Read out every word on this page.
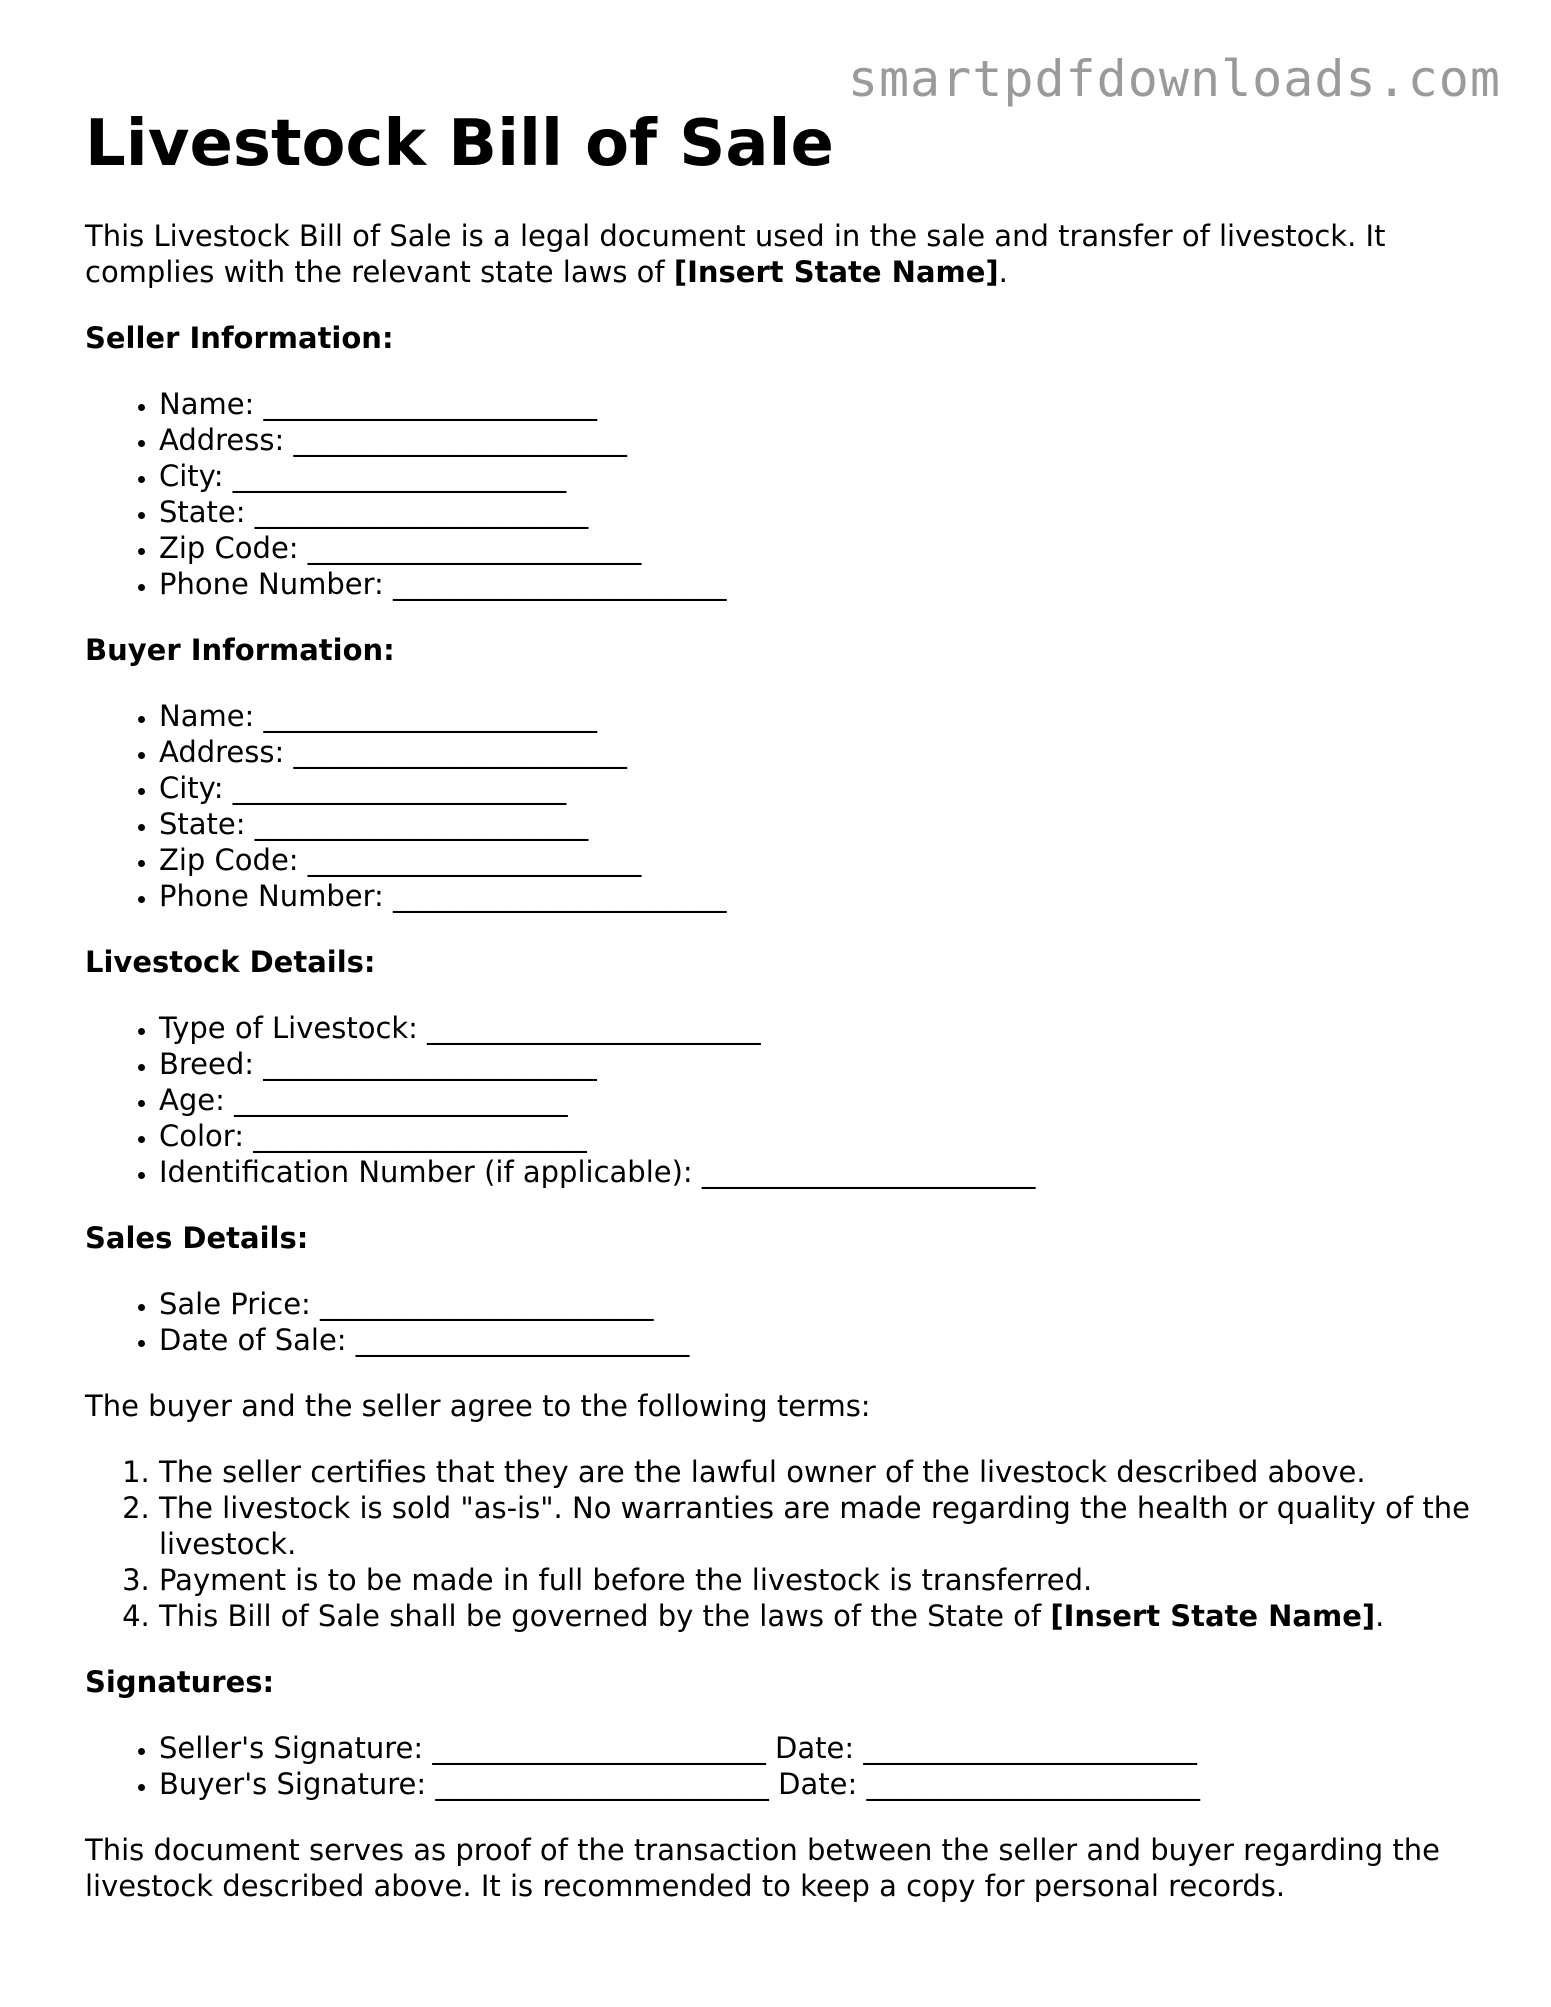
smartpdfdownloads.com
Livestock Bill of Sale

This Livestock Bill of Sale is a legal document used in the sale and transfer of livestock. It complies with the relevant state laws of [Insert State Name].

Seller Information:

• Name: _______________________
• Address: _______________________
• City: _______________________
• State: _______________________
• Zip Code: _______________________
• Phone Number: _______________________

Buyer Information:

• Name: _______________________
• Address: _______________________
• City: _______________________
• State: _______________________
• Zip Code: _______________________
• Phone Number: _______________________

Livestock Details:

• Type of Livestock: _______________________
• Breed: _______________________
• Age: _______________________
• Color: _______________________
• Identification Number (if applicable): _______________________

Sales Details:

• Sale Price: _______________________
• Date of Sale: _______________________

The buyer and the seller agree to the following terms:

1. The seller certifies that they are the lawful owner of the livestock described above.
2. The livestock is sold "as-is". No warranties are made regarding the health or quality of the livestock.
3. Payment is to be made in full before the livestock is transferred.
4. This Bill of Sale shall be governed by the laws of the State of [Insert State Name].

Signatures:

• Seller's Signature: _______________________ Date: _______________________
• Buyer's Signature: _______________________ Date: _______________________

This document serves as proof of the transaction between the seller and buyer regarding the livestock described above. It is recommended to keep a copy for personal records.
